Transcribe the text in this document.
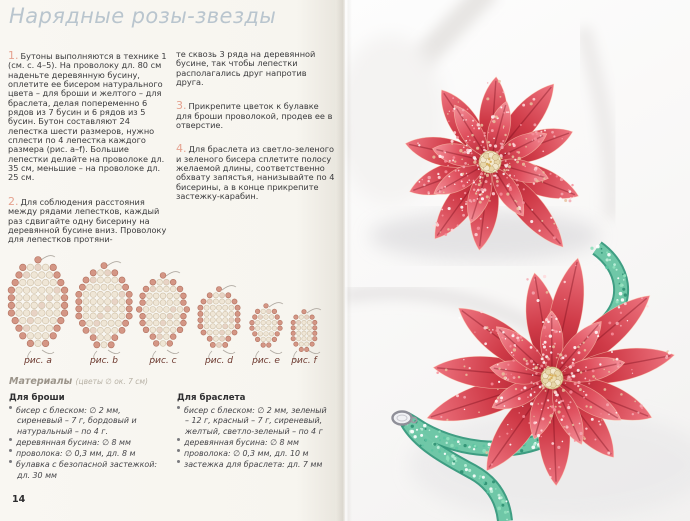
Нарядные розы-звезды

1. Бутоны выполняются в технике 1 (см. с. 4–5). На проволоку дл. 80 см наденьте деревянную бусину, оплетите ее бисером натурального цвета – для броши и желтого – для браслета, делая попеременно 6 рядов из 7 бусин и 6 рядов из 5 бусин. Бутон составляют 24 лепестка шести размеров, нужно сплести по 4 лепестка каждого размера (рис. a–f). Большие лепестки делайте на проволоке дл. 35 см, меньшие – на проволоке дл. 25 см.

2. Для соблюдения расстояния между рядами лепестков, каждый раз сдвигайте одну бисерину на деревянной бусине вниз. Проволоку для лепестков протяни-

те сквозь 3 ряда на деревянной бусине, так чтобы лепестки располагались друг напротив друга.

3. Прикрепите цветок к булавке для броши проволокой, продев ее в отверстие.

4. Для браслета из светло-зеленого и зеленого бисера сплетите полосу желаемой длины, соответственно обхвату запястья, нанизывайте по 4 бисерины, а в конце прикрепите застежку-карабин.

рис. a	рис. b	рис. c	рис. d рис. e рис. f
Материалы (цветы ∅ ок. 7 см)

Для броши

бисер с блеском: ∅ 2 мм, сиреневый – 7 г, бордовый и натуральный – по 4 г.
деревянная бусина: ∅ 8 мм
проволока: ∅ 0,3 мм, дл. 8 м
булавка с безопасной застежкой: дл. 30 мм

Для браслета

бисер с блеском: ∅ 2 мм, зеленый – 12 г, красный – 7 г, сиреневый, желтый, светло-зеленый – по 4 г
деревянная бусина: ∅ 8 мм
проволока: ∅ 0,3 мм, дл. 10 м
застежка для браслета: дл. 7 мм
14
